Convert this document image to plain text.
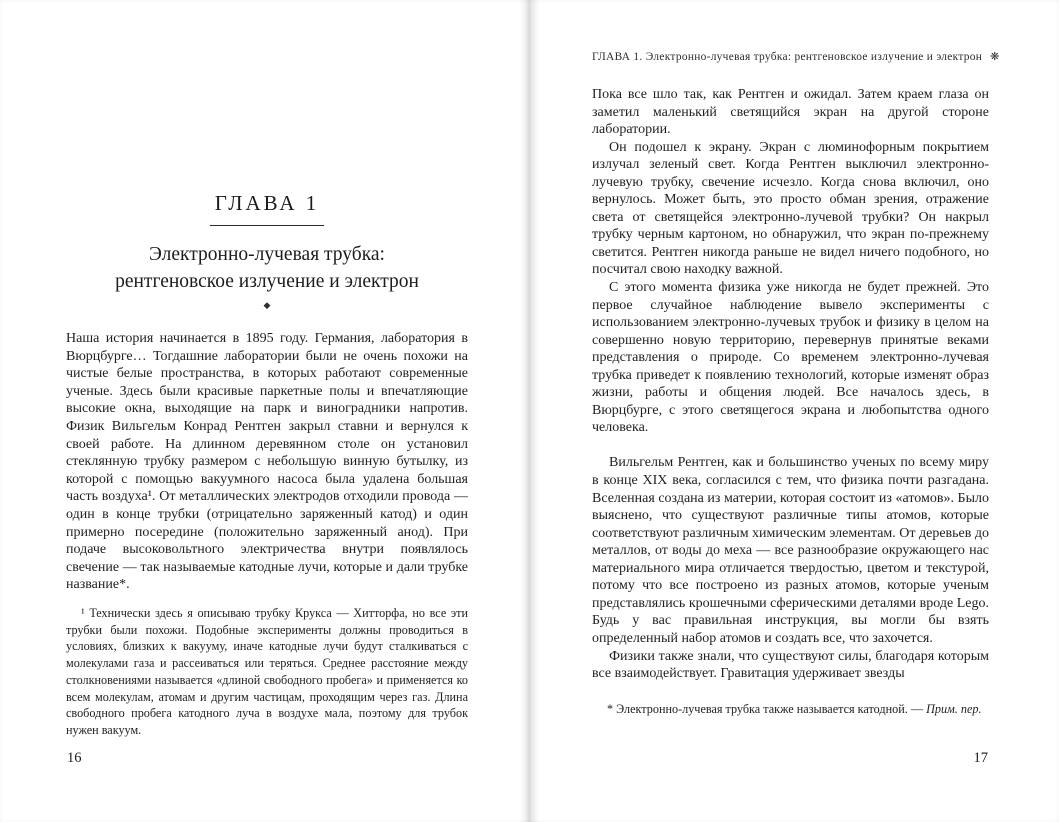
ГЛАВА 1
Электронно-лучевая трубка:
рентгеновское излучение и электрон
◆
Наша история начинается в 1895 году. Германия, лаборатория в Вюрцбурге… Тогдашние лаборатории были не очень похожи на чистые белые пространства, в которых работают современные ученые. Здесь были красивые паркетные полы и впечатляющие высокие окна, выходящие на парк и виноградники напротив. Физик Вильгельм Конрад Рентген закрыл ставни и вернулся к своей работе. На длинном деревянном столе он установил стеклянную трубку размером с небольшую винную бутылку, из которой с помощью вакуумного насоса была удалена большая часть воздуха¹. От металлических электродов отходили провода — один в конце трубки (отрицательно заряженный катод) и один примерно посередине (положительно заряженный анод). При подаче высоковольтного электричества внутри появлялось свечение — так называемые катодные лучи, которые и дали трубке название*.
¹ Технически здесь я описываю трубку Крукса — Хитторфа, но все эти трубки были похожи. Подобные эксперименты должны проводиться в условиях, близких к вакууму, иначе катодные лучи будут сталкиваться с молекулами газа и рассеиваться или теряться. Среднее расстояние между столкновениями называется «длиной свободного пробега» и применяется ко всем молекулам, атомам и другим частицам, проходящим через газ. Длина свободного пробега катодного луча в воздухе мала, поэтому для трубок нужен вакуум.
16
ГЛАВА 1. Электронно-лучевая трубка: рентгеновское излучение и электрон ❋

Пока все шло так, как Рентген и ожидал. Затем краем глаза он заметил маленький светящийся экран на другой стороне лаборатории.

Он подошел к экрану. Экран с люминофорным покрытием излучал зеленый свет. Когда Рентген выключил электронно-лучевую трубку, свечение исчезло. Когда снова включил, оно вернулось. Может быть, это просто обман зрения, отражение света от светящейся электронно-лучевой трубки? Он накрыл трубку черным картоном, но обнаружил, что экран по-прежнему светится. Рентген никогда раньше не видел ничего подобного, но посчитал свою находку важной.

С этого момента физика уже никогда не будет прежней. Это первое случайное наблюдение вывело эксперименты с использованием электронно-лучевых трубок и физику в целом на совершенно новую территорию, перевернув принятые веками представления о природе. Со временем электронно-лучевая трубка приведет к появлению технологий, которые изменят образ жизни, работы и общения людей. Все началось здесь, в Вюрцбурге, с этого светящегося экрана и любопытства одного человека.

Вильгельм Рентген, как и большинство ученых по всему миру в конце XIX века, согласился с тем, что физика почти разгадана. Вселенная создана из материи, которая состоит из «атомов». Было выяснено, что существуют различные типы атомов, которые соответствуют различным химическим элементам. От деревьев до металлов, от воды до меха — все разнообразие окружающего нас материального мира отличается твердостью, цветом и текстурой, потому что все построено из разных атомов, которые ученым представлялись крошечными сферическими деталями вроде Lego. Будь у вас правильная инструкция, вы могли бы взять определенный набор атомов и создать все, что захочется.

Физики также знали, что существуют силы, благодаря которым все взаимодействует. Гравитация удерживает звезды

* Электронно-лучевая трубка также называется катодной. — Прим. пер.
17
